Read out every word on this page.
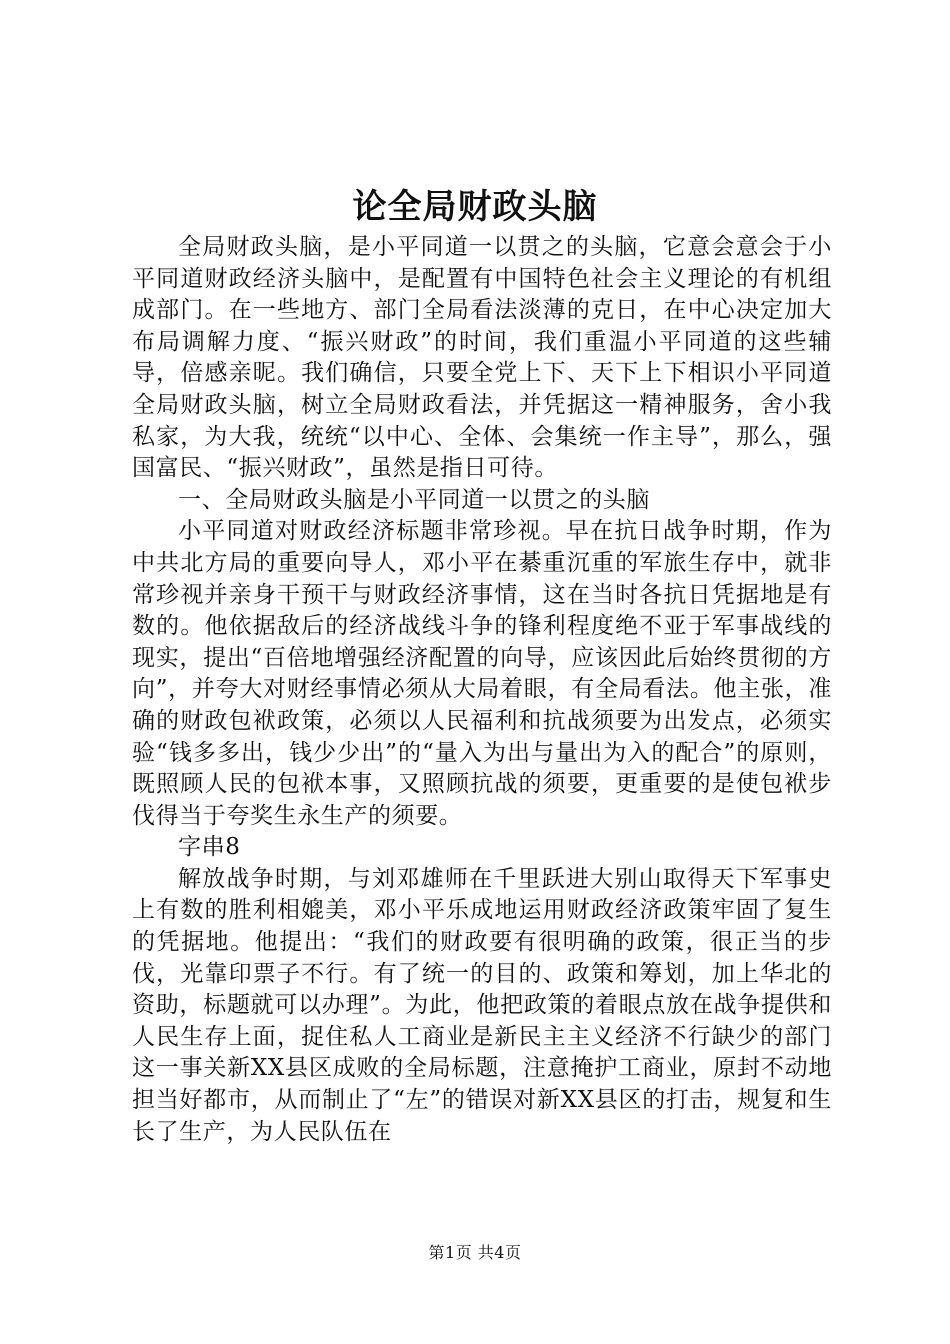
论全局财政头脑

全局财政头脑，是小平同道一以贯之的头脑，它意会意会于小平同道财政经济头脑中，是配置有中国特色社会主义理论的有机组成部门。在一些地方、部门全局看法淡薄的克日，在中心决定加大布局调解力度、“振兴财政”的时间，我们重温小平同道的这些辅导，倍感亲昵。我们确信，只要全党上下、天下上下相识小平同道全局财政头脑，树立全局财政看法，并凭据这一精神服务，舍小我私家，为大我，统统“以中心、全体、会集统一作主导”，那么，强国富民、“振兴财政”，虽然是指日可待。

一、全局财政头脑是小平同道一以贯之的头脑

小平同道对财政经济标题非常珍视。早在抗日战争时期，作为中共北方局的重要向导人，邓小平在綦重沉重的军旅生存中，就非常珍视并亲身干预干与财政经济事情，这在当时各抗日凭据地是有数的。他依据敌后的经济战线斗争的锋利程度绝不亚于军事战线的现实，提出“百倍地增强经济配置的向导，应该因此后始终贯彻的方向”，并夸大对财经事情必须从大局着眼，有全局看法。他主张，准确的财政包袱政策，必须以人民福利和抗战须要为出发点，必须实验“钱多多出，钱少少出”的“量入为出与量出为入的配合”的原则，既照顾人民的包袱本事，又照顾抗战的须要，更重要的是使包袱步伐得当于夸奖生永生产的须要。

字串8

解放战争时期，与刘邓雄师在千里跃进大别山取得天下军事史上有数的胜利相媲美，邓小平乐成地运用财政经济政策牢固了复生的凭据地。他提出：“我们的财政要有很明确的政策，很正当的步伐，光靠印票子不行。有了统一的目的、政策和筹划，加上华北的资助，标题就可以办理”。为此，他把政策的着眼点放在战争提供和人民生存上面，捉住私人工商业是新民主主义经济不行缺少的部门这一事关新XX县区成败的全局标题，注意掩护工商业，原封不动地担当好都市，从而制止了“左”的错误对新XX县区的打击，规复和生长了生产，为人民队伍在

第1页 共4页
